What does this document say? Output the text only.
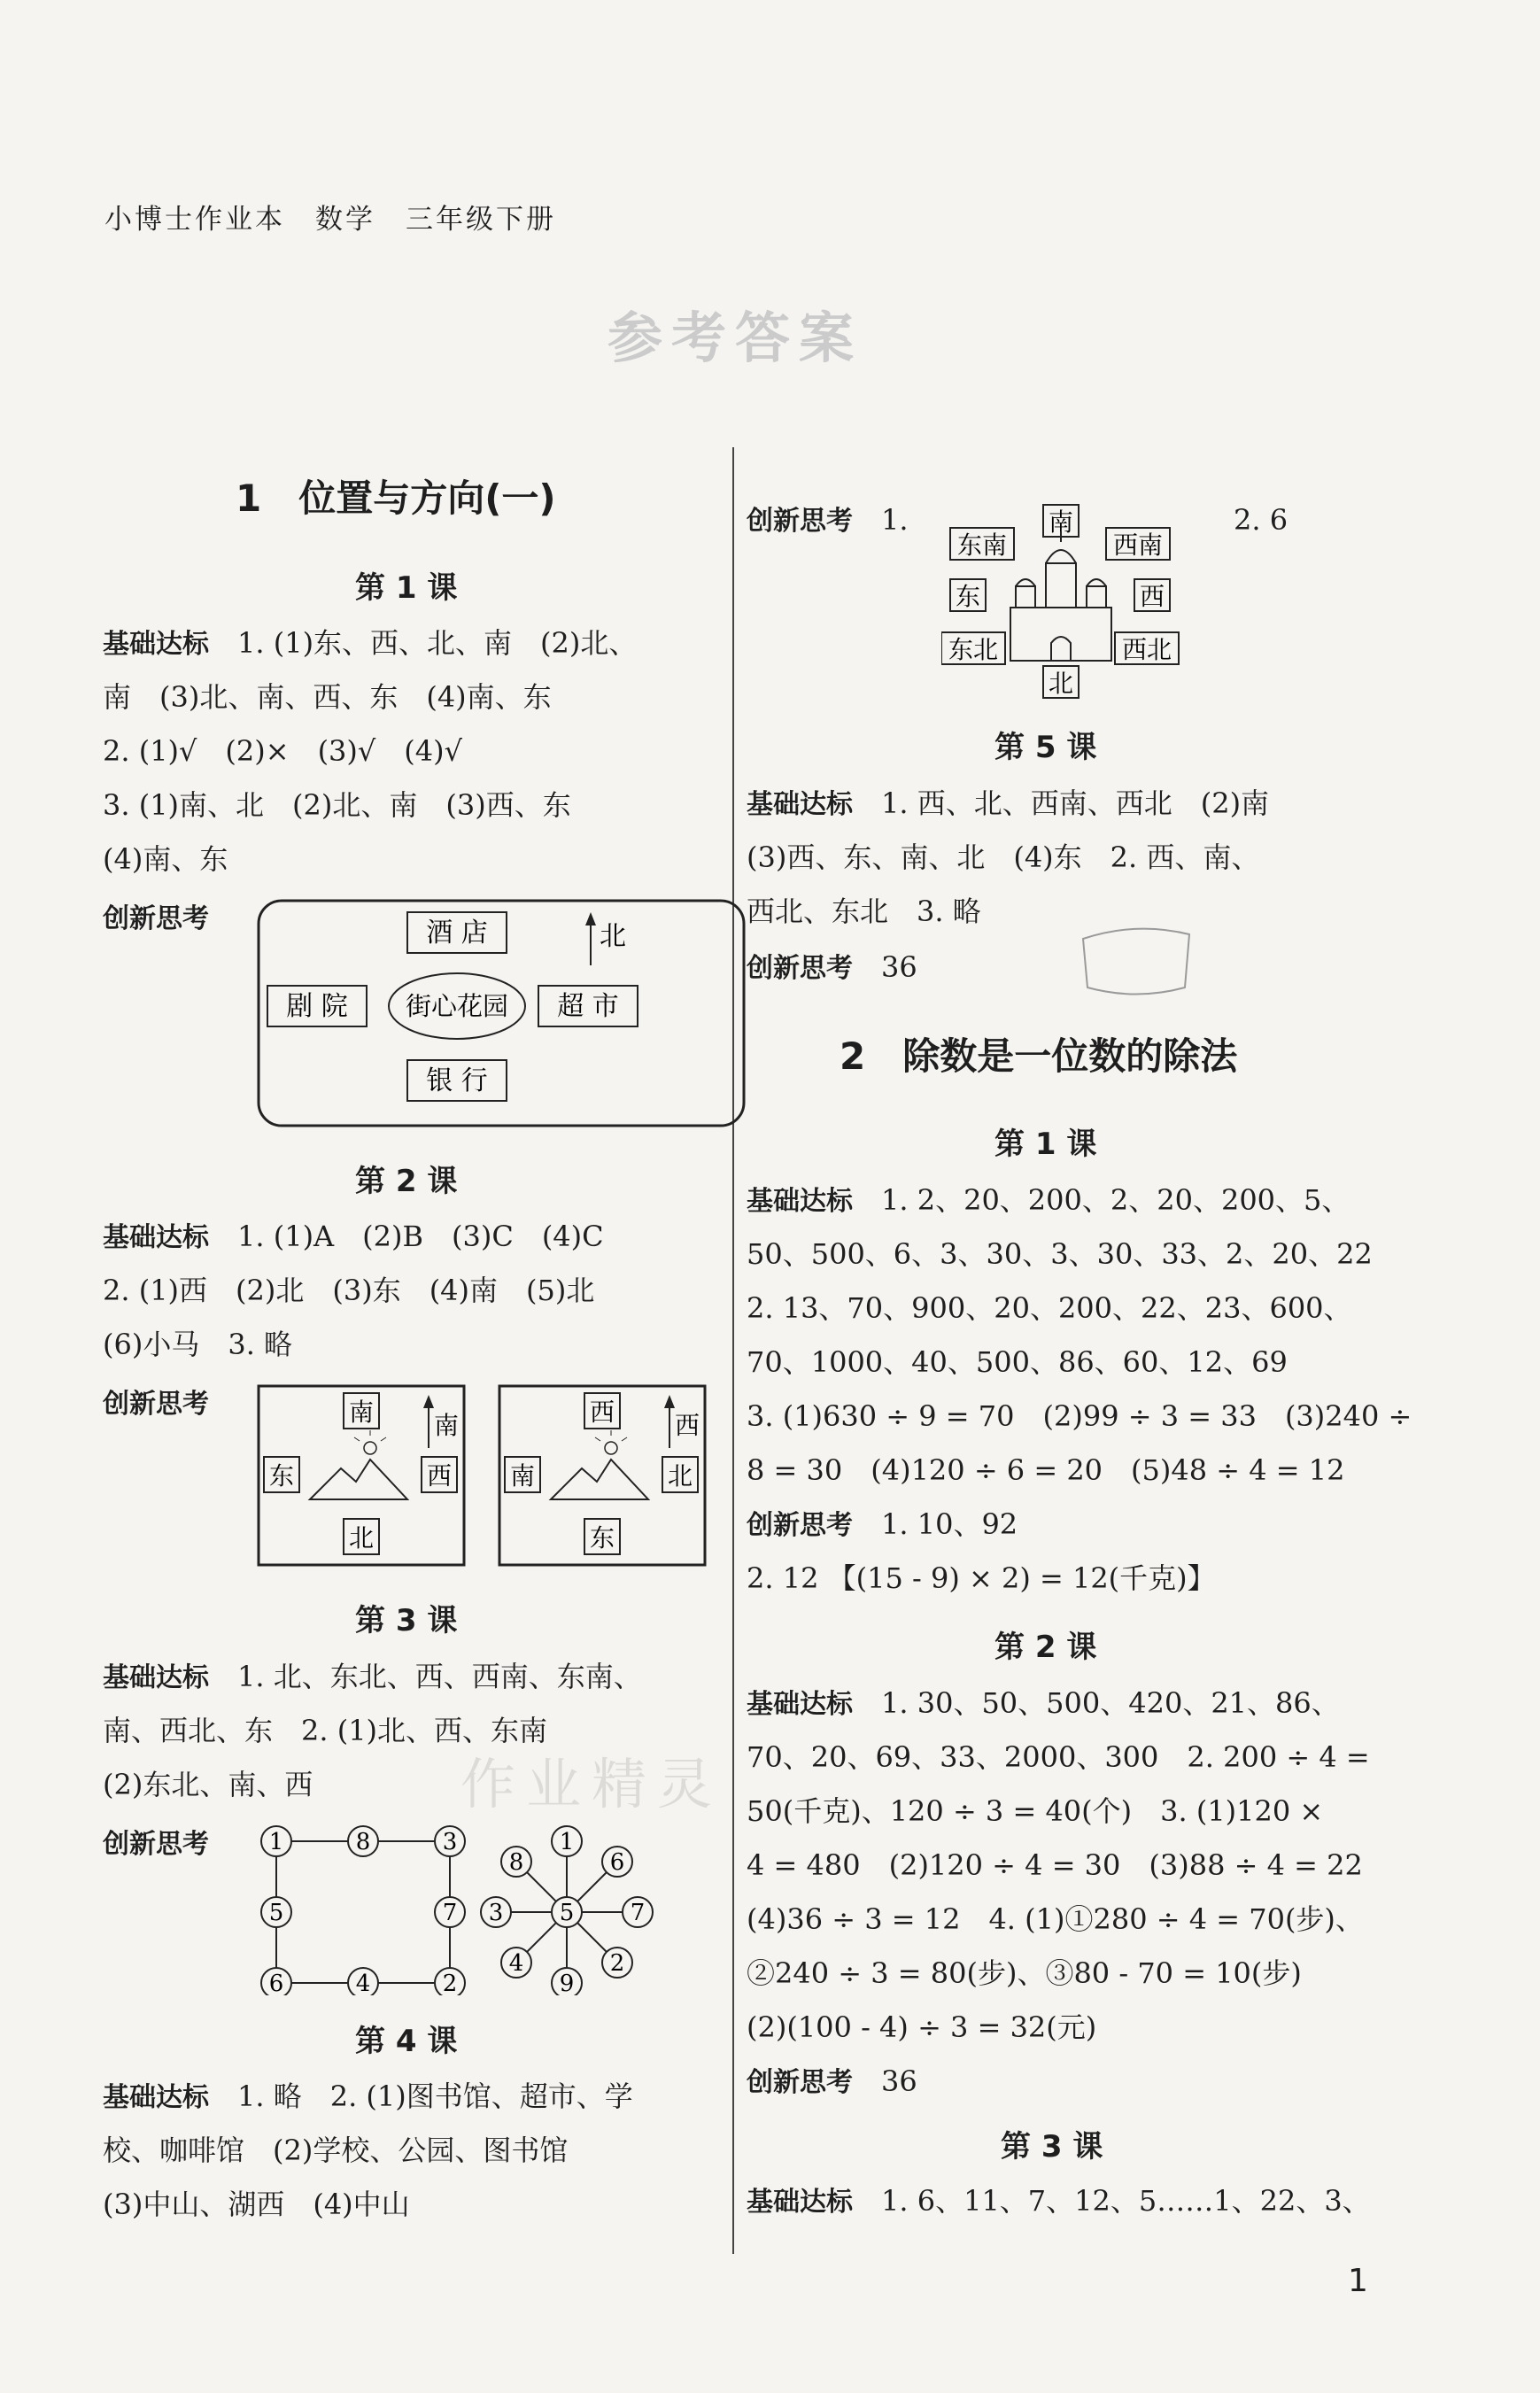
小博士作业本　数学　三年级下册
参考答案
作业精灵
1　位置与方向(一)
第 1 课
基础达标　 1. (1)东、西、北、南　(2)北、
南　(3)北、南、西、东　(4)南、东
2. (1)√　(2)×　(3)√　(4)√
3. (1)南、北　(2)北、南　(3)西、东
(4)南、东
创新思考	酒 店	北
剧 院 街心花园 超 市
银 行
第 2 课
基础达标　 1. (1)A　(2)B　(3)C　(4)C
2. (1)西　(2)北　(3)东　(4)南　(5)北
(6)小马　3. 略
创新思考	南 南
东	西
北
西 西
南	北
东
第 3 课
基础达标　 1. 北、东北、西、西南、东南、
南、西北、东　2. (1)北、西、东南
(2)东北、南、西
创新思考	1	8	3
5	7
6	4	2
1
8	6
3 5 7
4	2
9
第 4 课
基础达标　 1. 略　2. (1)图书馆、超市、学
校、咖啡馆　(2)学校、公园、图书馆
(3)中山、湖西　(4)中山
创新思考　 1.	2. 6
南
东南	西南
东	西
东北	西北
北
第 5 课
基础达标　 1. 西、北、西南、西北　(2)南
(3)西、东、南、北　(4)东　2. 西、南、
西北、东北　3. 略
创新思考　 36
2　除数是一位数的除法
第 1 课
基础达标　 1. 2、20、200、2、20、200、5、
50、500、6、3、30、3、30、33、2、20、22
2. 13、70、900、20、200、22、23、600、
70、1000、40、500、86、60、12、69
3. (1)630 ÷ 9 = 70　(2)99 ÷ 3 = 33　(3)240 ÷
8 = 30　(4)120 ÷ 6 = 20　(5)48 ÷ 4 = 12
创新思考　 1. 10、92
2. 12 【(15 - 9) × 2) = 12(千克)】
第 2 课
基础达标　 1. 30、50、500、420、21、86、
70、20、69、33、2000、300　2. 200 ÷ 4 =
50(千克)、120 ÷ 3 = 40(个)　3. (1)120 ×
4 = 480　(2)120 ÷ 4 = 30　(3)88 ÷ 4 = 22
(4)36 ÷ 3 = 12　4. (1)①280 ÷ 4 = 70(步)、
②240 ÷ 3 = 80(步)、③80 - 70 = 10(步)
(2)(100 - 4) ÷ 3 = 32(元)
创新思考　 36
第 3 课
基础达标　 1. 6、11、7、12、5……1、22、3、
1
